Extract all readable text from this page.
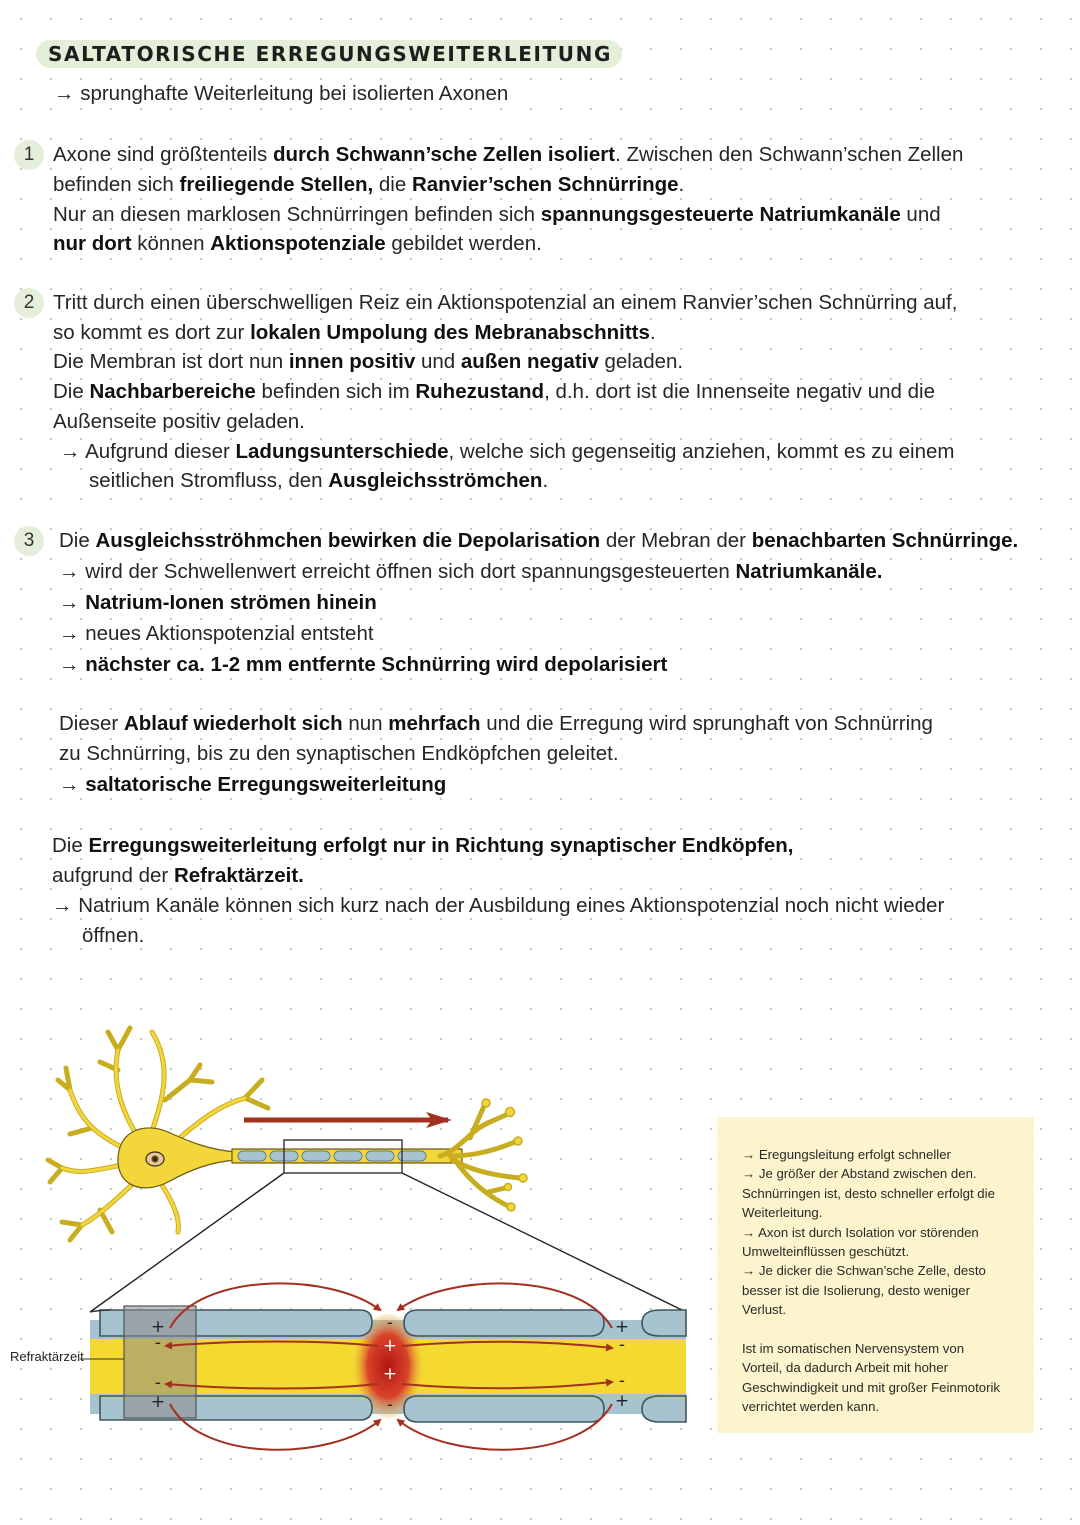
SALTATORISCHE ERREGUNGSWEITERLEITUNG
→ sprunghafte Weiterleitung bei isolierten Axonen
1 Axone sind größtenteils durch Schwann’sche Zellen isoliert. Zwischen den Schwann’schen Zellen
befinden sich freiliegende Stellen, die Ranvier’schen Schnürringe.
Nur an diesen marklosen Schnürringen befinden sich spannungsgesteuerte Natriumkanäle und
nur dort können Aktionspotenziale gebildet werden.
2 Tritt durch einen überschwelligen Reiz ein Aktionspotenzial an einem Ranvier’schen Schnürring auf,
so kommt es dort zur lokalen Umpolung des Mebranabschnitts.
Die Membran ist dort nun innen positiv und außen negativ geladen.
Die Nachbarbereiche befinden sich im Ruhezustand, d.h. dort ist die Innenseite negativ und die
Außenseite positiv geladen.
→ Aufgrund dieser Ladungsunterschiede, welche sich gegenseitig anziehen, kommt es zu einem
seitlichen Stromfluss, den Ausgleichsströmchen.
3	Die Ausgleichsströhmchen bewirken die Depolarisation der Mebran der benachbarten Schnürringe.
→ wird der Schwellenwert erreicht öffnen sich dort spannungsgesteuerten Natriumkanäle.
→ Natrium-Ionen strömen hinein
→ neues Aktionspotenzial entsteht
→ nächster ca. 1-2 mm entfernte Schnürring wird depolarisiert
Dieser Ablauf wiederholt sich nun mehrfach und die Erregung wird sprunghaft von Schnürring
zu Schnürring, bis zu den synaptischen Endköpfchen geleitet.
→ saltatorische Erregungsweiterleitung
Die Erregungsweiterleitung erfolgt nur in Richtung synaptischer Endköpfen,
aufgrund der Refraktärzeit.
→ Natrium Kanäle können sich kurz nach der Ausbildung eines Aktionspotenzial noch nicht wieder
öffnen.
+
-
-
+
-
+
+
-
+
-
-
+
Refraktärzeit

→ Eregungsleitung erfolgt schneller

→ Je größer der Abstand zwischen den.

Schnürringen ist, desto schneller erfolgt die

Weiterleitung.

→ Axon ist durch Isolation vor störenden

Umwelteinflüssen geschützt.

→ Je dicker die Schwan’sche Zelle, desto

besser ist die Isolierung, desto weniger

Verlust.

Ist im somatischen Nervensystem von

Vorteil, da dadurch Arbeit mit hoher

Geschwindigkeit und mit großer Feinmotorik

verrichtet werden kann.
